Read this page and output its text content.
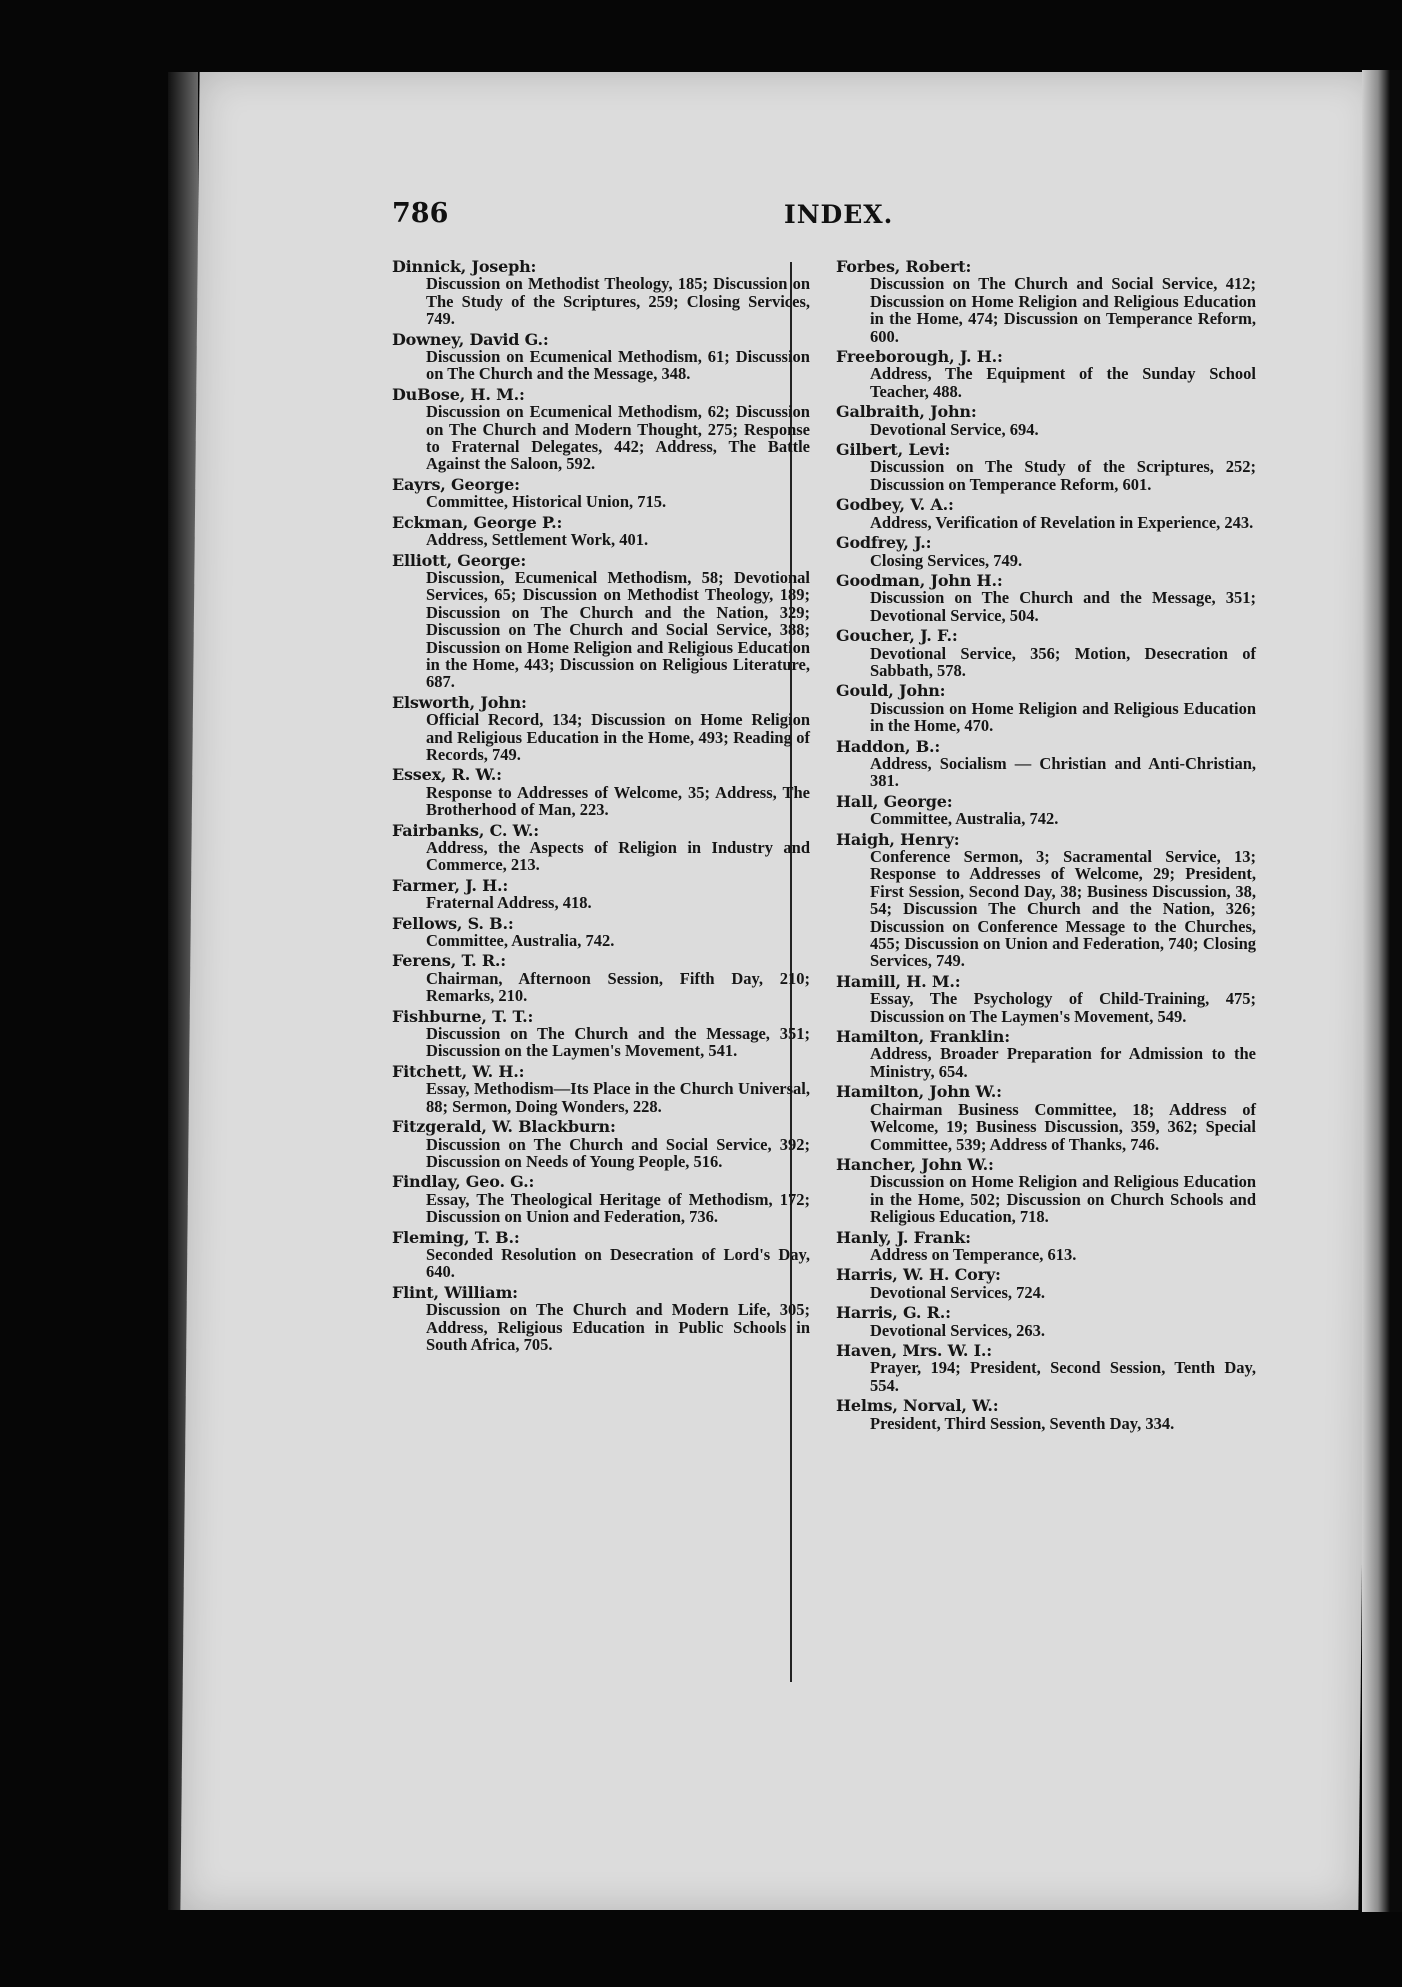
786	INDEX.
Dinnick, Joseph:
Discussion on Methodist Theology, 185; Discussion on The Study of the Scriptures, 259; Closing Services, 749.
Downey, David G.:
Discussion on Ecumenical Methodism, 61; Discussion on The Church and the Message, 348.
DuBose, H. M.:
Discussion on Ecumenical Methodism, 62; Discussion on The Church and Modern Thought, 275; Response to Fraternal Delegates, 442; Address, The Battle Against the Saloon, 592.
Eayrs, George:
Committee, Historical Union, 715.
Eckman, George P.:
Address, Settlement Work, 401.
Elliott, George:
Discussion, Ecumenical Methodism, 58; Devotional Services, 65; Discussion on Methodist Theology, 189; Discussion on The Church and the Nation, 329; Discussion on The Church and Social Service, 388; Discussion on Home Religion and Religious Education in the Home, 443; Discussion on Religious Literature, 687.
Elsworth, John:
Official Record, 134; Discussion on Home Religion and Religious Education in the Home, 493; Reading of Records, 749.
Essex, R. W.:
Response to Addresses of Welcome, 35; Address, The Brotherhood of Man, 223.
Fairbanks, C. W.:
Address, the Aspects of Religion in Industry and Commerce, 213.
Farmer, J. H.:
Fraternal Address, 418.
Fellows, S. B.:
Committee, Australia, 742.
Ferens, T. R.:
Chairman, Afternoon Session, Fifth Day, 210; Remarks, 210.
Fishburne, T. T.:
Discussion on The Church and the Message, 351; Discussion on the Laymen's Movement, 541.
Fitchett, W. H.:
Essay, Methodism—Its Place in the Church Universal, 88; Sermon, Doing Wonders, 228.
Fitzgerald, W. Blackburn:
Discussion on The Church and Social Service, 392; Discussion on Needs of Young People, 516.
Findlay, Geo. G.:
Essay, The Theological Heritage of Methodism, 172; Discussion on Union and Federation, 736.
Fleming, T. B.:
Seconded Resolution on Desecration of Lord's Day, 640.
Flint, William:
Discussion on The Church and Modern Life, 305; Address, Religious Education in Public Schools in South Africa, 705.
Forbes, Robert:
Discussion on The Church and Social Service, 412; Discussion on Home Religion and Religious Education in the Home, 474; Discussion on Temperance Reform, 600.
Freeborough, J. H.:
Address, The Equipment of the Sunday School Teacher, 488.
Galbraith, John:
Devotional Service, 694.
Gilbert, Levi:
Discussion on The Study of the Scriptures, 252; Discussion on Temperance Reform, 601.
Godbey, V. A.:
Address, Verification of Revelation in Experience, 243.
Godfrey, J.:
Closing Services, 749.
Goodman, John H.:
Discussion on The Church and the Message, 351; Devotional Service, 504.
Goucher, J. F.:
Devotional Service, 356; Motion, Desecration of Sabbath, 578.
Gould, John:
Discussion on Home Religion and Religious Education in the Home, 470.
Haddon, B.:
Address, Socialism — Christian and Anti-Christian, 381.
Hall, George:
Committee, Australia, 742.
Haigh, Henry:
Conference Sermon, 3; Sacramental Service, 13; Response to Addresses of Welcome, 29; President, First Session, Second Day, 38; Business Discussion, 38, 54; Discussion The Church and the Nation, 326; Discussion on Conference Message to the Churches, 455; Discussion on Union and Federation, 740; Closing Services, 749.
Hamill, H. M.:
Essay, The Psychology of Child-Training, 475; Discussion on The Laymen's Movement, 549.
Hamilton, Franklin:
Address, Broader Preparation for Admission to the Ministry, 654.
Hamilton, John W.:
Chairman Business Committee, 18; Address of Welcome, 19; Business Discussion, 359, 362; Special Committee, 539; Address of Thanks, 746.
Hancher, John W.:
Discussion on Home Religion and Religious Education in the Home, 502; Discussion on Church Schools and Religious Education, 718.
Hanly, J. Frank:
Address on Temperance, 613.
Harris, W. H. Cory:
Devotional Services, 724.
Harris, G. R.:
Devotional Services, 263.
Haven, Mrs. W. I.:
Prayer, 194; President, Second Session, Tenth Day, 554.
Helms, Norval, W.:
President, Third Session, Seventh Day, 334.
